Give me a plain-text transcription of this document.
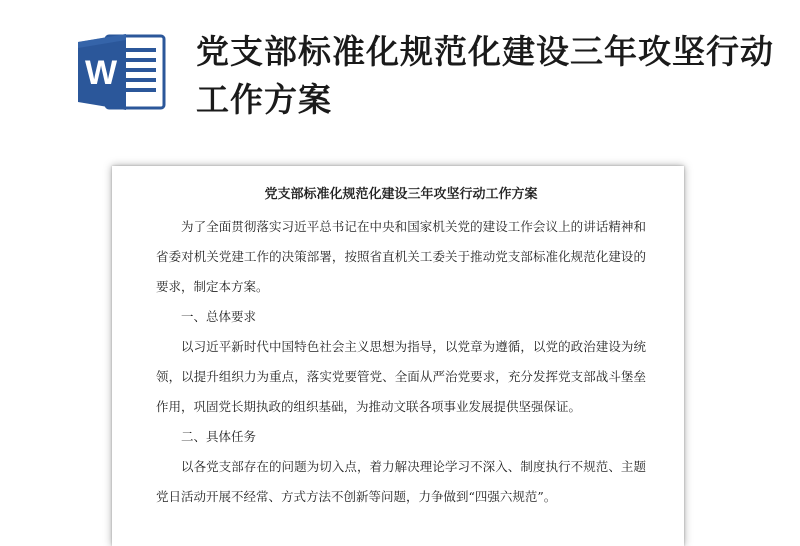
W
党支部标准化规范化建设三年攻坚行动工作方案
党支部标准化规范化建设三年攻坚行动工作方案

为了全面贯彻落实习近平总书记在中央和国家机关党的建设工作会议上的讲话精神和省委对机关党建工作的决策部署，按照省直机关工委关于推动党支部标准化规范化建设的要求，制定本方案。

一、总体要求

以习近平新时代中国特色社会主义思想为指导，以党章为遵循，以党的政治建设为统领，以提升组织力为重点，落实党要管党、全面从严治党要求，充分发挥党支部战斗堡垒作用，巩固党长期执政的组织基础，为推动文联各项事业发展提供坚强保证。

二、具体任务

以各党支部存在的问题为切入点，着力解决理论学习不深入、制度执行不规范、主题党日活动开展不经常、方式方法不创新等问题，力争做到“四强六规范”。
